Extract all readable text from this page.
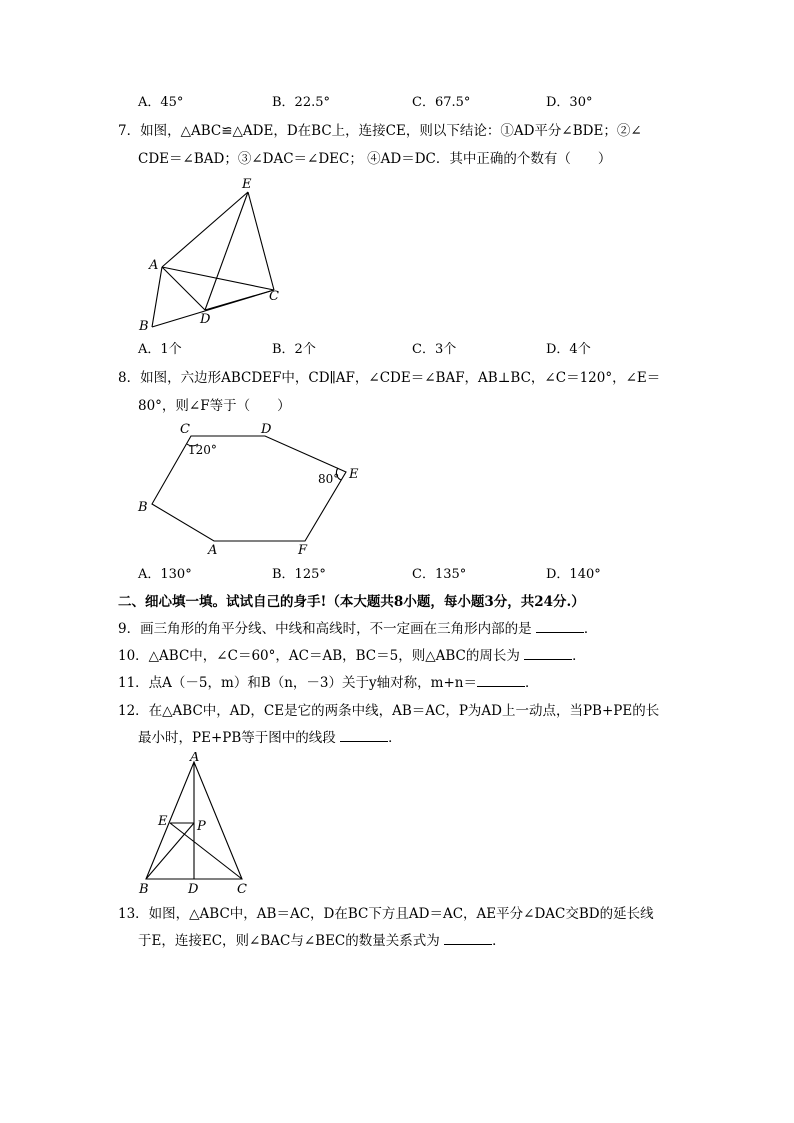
A．45°	B．22.5°	C．67.5°	D．30°
7．如图，△ABC≌△ADE，D在BC上，连接CE，则以下结论：①AD平分∠BDE；②∠
CDE＝∠BAD；③∠DAC＝∠DEC； ④AD＝DC．其中正确的个数有（　　）
E
A
C
D
B
A．1个	B．2个	C．3个	D．4个
8．如图，六边形ABCDEF中，CD∥AF，∠CDE＝∠BAF，AB⊥BC，∠C＝120°，∠E＝
80°，则∠F等于（　　）
C	D
E
F
A
B
120°
80°
A．130°	B．125°	C．135°	D．140°
二、细心填一填。试试自己的身手!（本大题共8小题，每小题3分，共24分.）
9．画三角形的角平分线、中线和高线时，不一定画在三角形内部的是	．
10．△ABC中，∠C＝60°，AC＝AB，BC＝5，则△ABC的周长为	．
11．点A（－5，m）和B（n，－3）关于y轴对称，m+n＝	．
12．在△ABC中，AD，CE是它的两条中线，AB＝AC，P为AD上一动点，当PB+PE的长
最小时，PE+PB等于图中的线段	．
A
E P
B	D	C
13．如图，△ABC中，AB＝AC，D在BC下方且AD＝AC，AE平分∠DAC交BD的延长线
于E，连接EC，则∠BAC与∠BEC的数量关系式为	．
